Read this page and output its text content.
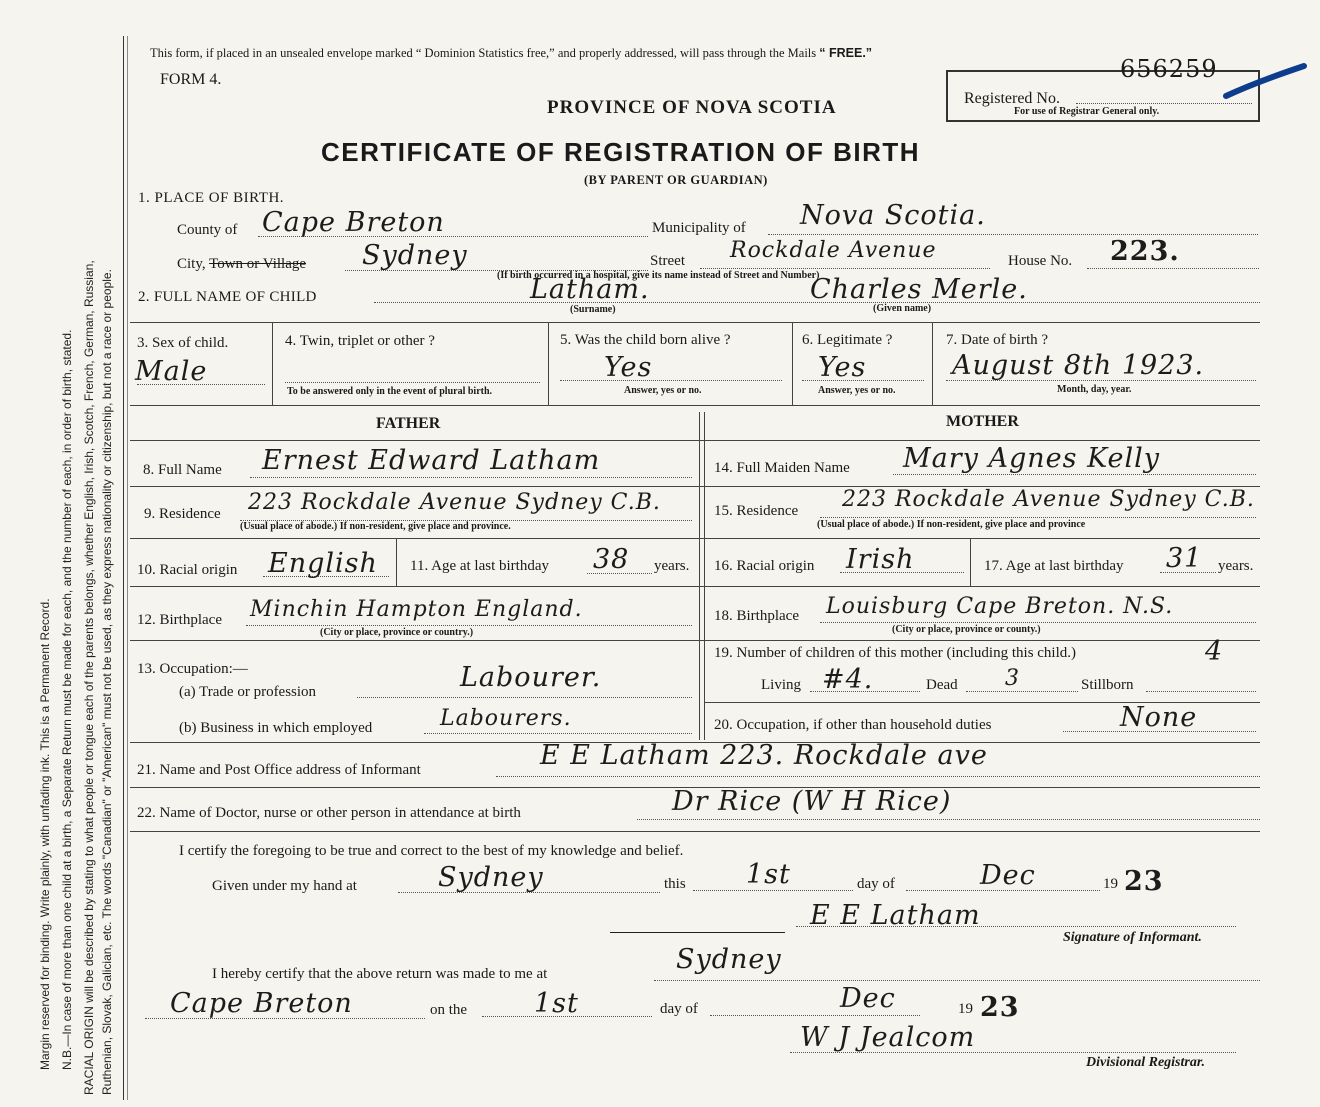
Margin reserved for binding. Write plainly, with unfading ink. This is a Permanent Record. N.B.—In case of more than one child at a birth, a Separate Return must be made for each, and the number of each, in order of birth, stated. RACIAL ORIGIN will be described by stating to what people or tongue each of the parents belongs, whether English, Irish, Scotch, French, German, Russian, Ruthenian, Slovak, Galician, etc. The words "Canadian" or "American" must not be used, as they express nationality or citizenship, but not a race or people.
This form, if placed in an unsealed envelope marked “ Dominion Statistics free,” and properly addressed, will pass through the Mails “ FREE.”
FORM 4.
PROVINCE OF NOVA SCOTIA
CERTIFICATE OF REGISTRATION OF BIRTH
(BY PARENT OR GUARDIAN)
Registered No.
For use of Registrar General only.
656259
1. PLACE OF BIRTH.
County of Cape Breton	Municipality of Nova Scotia.
City, Town or Village Sydney	Street Rockdale Avenue	House No. 223.
(If birth occurred in a hospital, give its name instead of Street and Number)
2. FULL NAME OF CHILD	Latham.	Charles Merle.
(Surname)	(Given name)
3. Sex of child.
Male
4. Twin, triplet or other ?
To be answered only in the event of plural birth.
5. Was the child born alive ?
Yes
Answer, yes or no.
6. Legitimate ?
Yes
Answer, yes or no.
7. Date of birth ?
August 8th 1923.
Month, day, year.
FATHER	MOTHER
8. Full Name Ernest Edward Latham
9. Residence 223 Rockdale Avenue Sydney C.B.
(Usual place of abode.) If non-resident, give place and province.
10. Racial origin English 11. Age at last birthday 38 years.
12. Birthplace Minchin Hampton England.
(City or place, province or country.)
13. Occupation:—
(a) Trade or profession	Labourer.
(b) Business in which employed	Labourers.
14. Full Maiden Name Mary Agnes Kelly
15. Residence 223 Rockdale Avenue Sydney C.B.
(Usual place of abode.) If non-resident, give place and province
16. Racial origin Irish	17. Age at last birthday 31 years.
18. Birthplace Louisburg Cape Breton. N.S.
(City or place, province or county.)
19. Number of children of this mother (including this child.)	4
Living #4.	Dead 3	Stillborn
20. Occupation, if other than household duties	None
21. Name and Post Office address of Informant	E E Latham 223. Rockdale ave
22. Name of Doctor, nurse or other person in attendance at birth	Dr Rice (W H Rice)
I certify the foregoing to be true and correct to the best of my knowledge and belief.
Given under my hand at	Sydney	this 1st	day of	Dec	19 23
E E Latham
Signature of Informant.
I hereby certify that the above return was made to me at	Sydney
Cape Breton	on the 1st	day of	Dec	19 23
W J Jealcom
Divisional Registrar.
